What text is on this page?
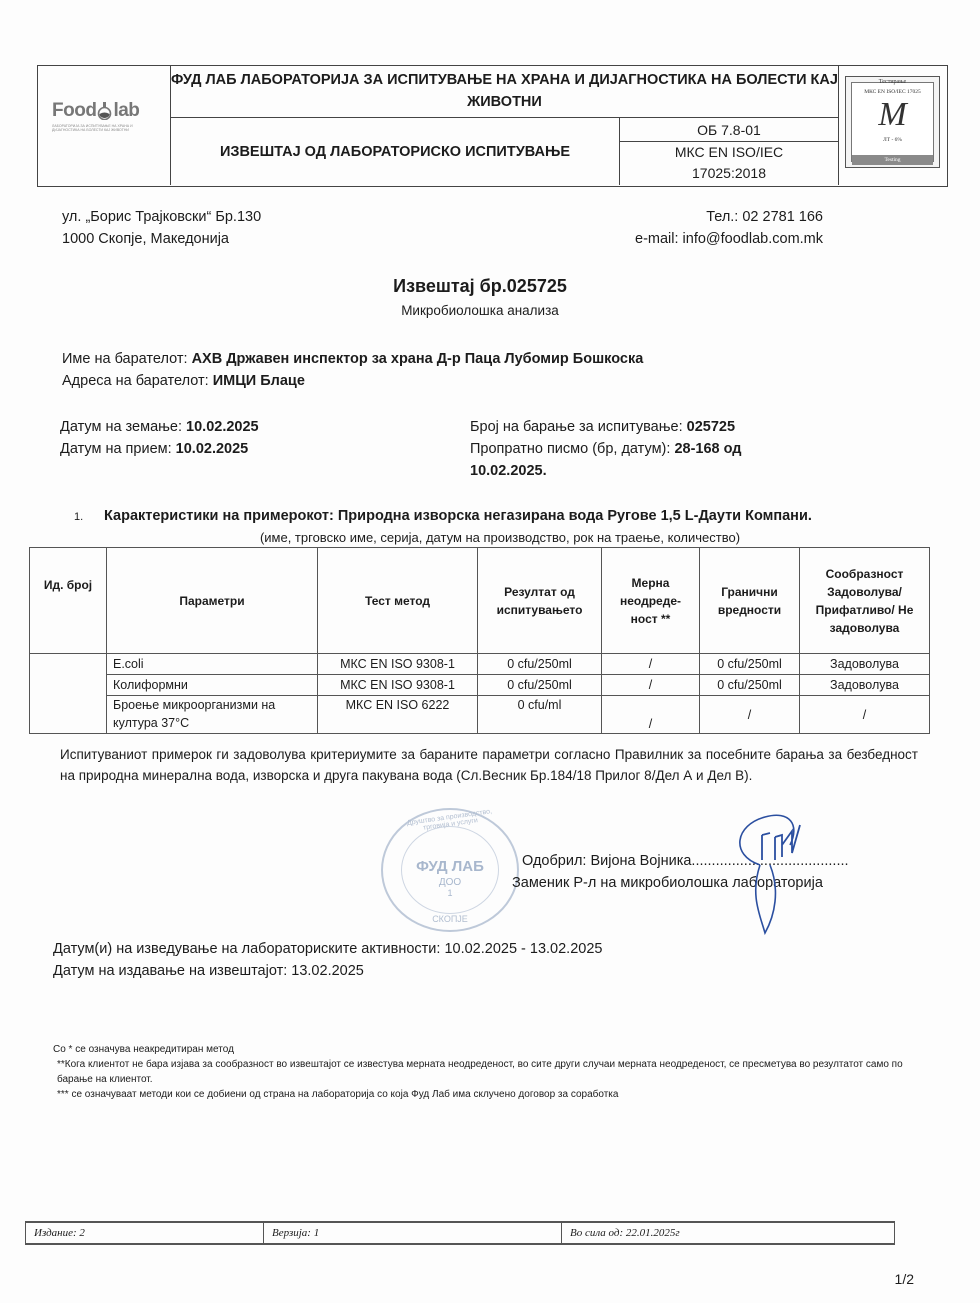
Food lab
ЛАБОРАТОРИЈА ЗА ИСПИТУВАЊЕ НА ХРАНА И ДИЈАГНОСТИКА НА БОЛЕСТИ КАЈ ЖИВОТНИ
ФУД ЛАБ ЛАБОРАТОРИЈА ЗА ИСПИТУВАЊЕ НА ХРАНА И ДИЈАГНОСТИКА НА БОЛЕСТИ КАЈ ЖИВОТНИ
ИЗВЕШТАЈ ОД ЛАБОРАТОРИСКО ИСПИТУВАЊЕ
ОБ 7.8-01
МКС EN ISO/IEC
17025:2018
Тестирање
МКС EN ISO/IEC 17025
M
ЛТ - 6%
Testing
ул. „Борис Трајковски“ Бр.130
1000 Скопје, Македонија
Тел.: 02 2781 166
e-mail: info@foodlab.com.mk
Извештај бр.025725
Микробиолошка анализа
Име на барателот: АХВ Државен инспектор за храна Д-р Паца Лубомир Бошкоска
Адреса на барателот: ИМЦИ Блаце
Датум на земање: 10.02.2025
Датум на прием: 10.02.2025
Број на барање за испитување: 025725
Пропратно писмо (бр, датум): 28-168 од 10.02.2025.
1. Карактеристики на примерокот: Природна изворска негазирана вода Ругове 1,5 L-Даути Компани.
(име, трговско име, серија, датум на производство, рок на траење, количество)
Ид. број	Параметри	Тест метод	Резултат од испитувањето	Мерна неодреде- ност **	Гранични вредности	Сообразност Задоволува/ Прифатливо/ Не задоволува
	E.coli	МКС EN ISO 9308-1	0 cfu/250ml	/	0 cfu/250ml	Задоволува
	Колиформни	МКС EN ISO 9308-1	0 cfu/250ml	/	0 cfu/250ml	Задоволува
	Броење микроорганизми на култура 37°C	МКС EN ISO 6222	0 cfu/ml	/	/	/
Испитуваниот примерок ги задоволува критериумите за бараните параметри согласно Правилник за посебните барања за безбедност на природна минерална вода, изворска и друга пакувана вода (Сл.Весник Бр.184/18 Прилог 8/Дел А и Дел В).
Друштво за производство, трговија и услуги
ФУД ЛАБ
ДОО
1
СКОПЈЕ
Одобрил: Вијона Војника.......................................
Заменик Р-л на микробиолошка лабораторија
Датум(и) на изведување на лабораториските активности: 10.02.2025 - 13.02.2025
Датум на издавање на извештајот: 13.02.2025
Со * се означува неакредитиран метод
**Кога клиентот не бара изјава за сообразност во извештајот се известува мерната неодреденост, во сите други случаи мерната неодреденост, се пресметува во резултатот само по барање на клиентот.
*** се означуваат методи кои се добиени од страна на лабораторија со која Фуд Лаб има склучено договор за соработка
Издание: 2	Верзија: 1	Во сила од: 22.01.2025г
1/2
